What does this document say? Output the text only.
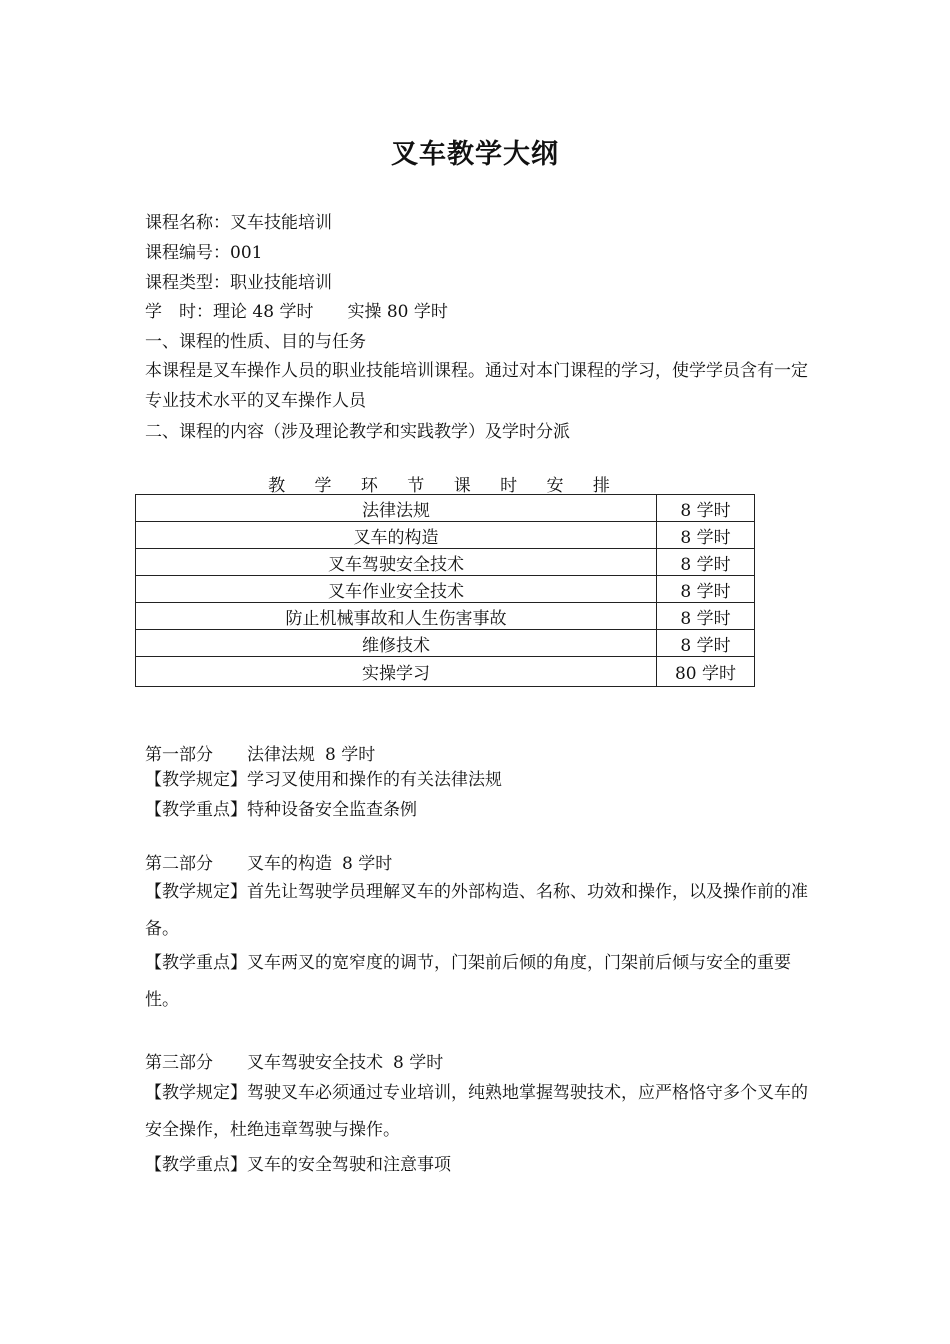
叉车教学大纲
课程名称：叉车技能培训
课程编号：001
课程类型：职业技能培训
学　时：理论 48 学时 实操 80 学时
一、课程的性质、目的与任务
本课程是叉车操作人员的职业技能培训课程。通过对本门课程的学习，使学学员含有一定专业技术水平的叉车操作人员
二、课程的内容（涉及理论教学和实践教学）及学时分派
教 学 环 节 课 时 安 排
法律法规	8 学时
叉车的构造	8 学时
叉车驾驶安全技术	8 学时
叉车作业安全技术	8 学时
防止机械事故和人生伤害事故	8 学时
维修技术	8 学时
实操学习	80 学时
第一部分 法律法规 8 学时
【教学规定】学习叉使用和操作的有关法律法规
【教学重点】特种设备安全监查条例
第二部分 叉车的构造 8 学时
【教学规定】首先让驾驶学员理解叉车的外部构造、名称、功效和操作，以及操作前的准备。
【教学重点】叉车两叉的宽窄度的调节，门架前后倾的角度，门架前后倾与安全的重要性。
第三部分 叉车驾驶安全技术 8 学时
【教学规定】驾驶叉车必须通过专业培训，纯熟地掌握驾驶技术，应严格恪守多个叉车的安全操作，杜绝违章驾驶与操作。
【教学重点】叉车的安全驾驶和注意事项
